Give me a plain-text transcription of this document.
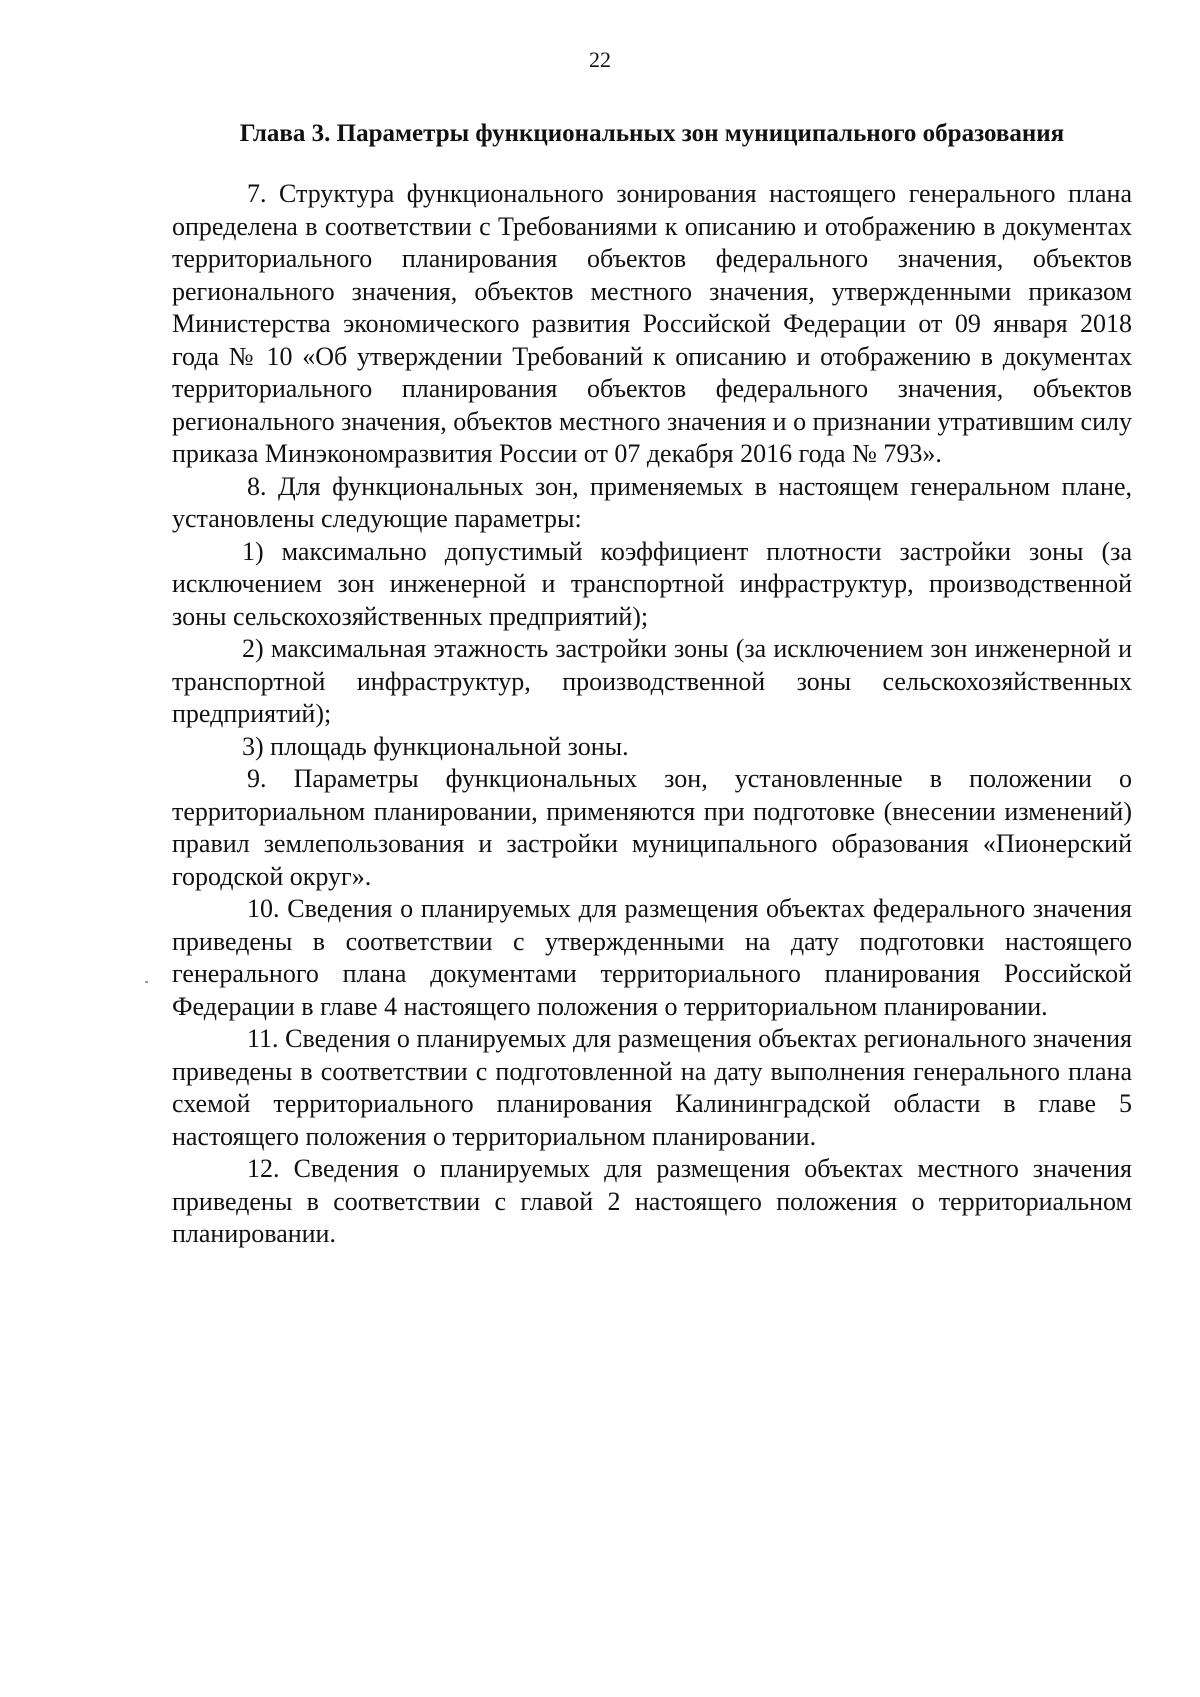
22
Глава 3. Параметры функциональных зон муниципального образования

7. Структура функционального зонирования настоящего генерального плана определена в соответствии с Требованиями к описанию и отображению в документах территориального планирования объектов федерального значения, объектов регионального значения, объектов местного значения, утвержденными приказом Министерства экономического развития Российской Федерации от 09 января 2018 года № 10 «Об утверждении Требований к описанию и отображению в документах территориального планирования объектов федерального значения, объектов регионального значения, объектов местного значения и о признании утратившим силу приказа Минэкономразвития России от 07 декабря 2016 года № 793».

8. Для функциональных зон, применяемых в настоящем генеральном плане, установлены следующие параметры:

1) максимально допустимый коэффициент плотности застройки зоны (за исключением зон инженерной и транспортной инфраструктур, производственной зоны сельскохозяйственных предприятий);

2) максимальная этажность застройки зоны (за исключением зон инженерной и транспортной инфраструктур, производственной зоны сельскохозяйственных предприятий);

3) площадь функциональной зоны.

9. Параметры функциональных зон, установленные в положении о территориальном планировании, применяются при подготовке (внесении изменений) правил землепользования и застройки муниципального образования «Пионерский городской округ».

10. Сведения о планируемых для размещения объектах федерального значения приведены в соответствии с утвержденными на дату подготовки настоящего генерального плана документами территориального планирования Российской Федерации в главе 4 настоящего положения о территориальном планировании.

11. Сведения о планируемых для размещения объектах регионального значения приведены в соответствии с подготовленной на дату выполнения генерального плана схемой территориального планирования Калининградской области в главе 5 настоящего положения о территориальном планировании.

12. Сведения о планируемых для размещения объектах местного значения приведены в соответствии с главой 2 настоящего положения о территориальном планировании.
